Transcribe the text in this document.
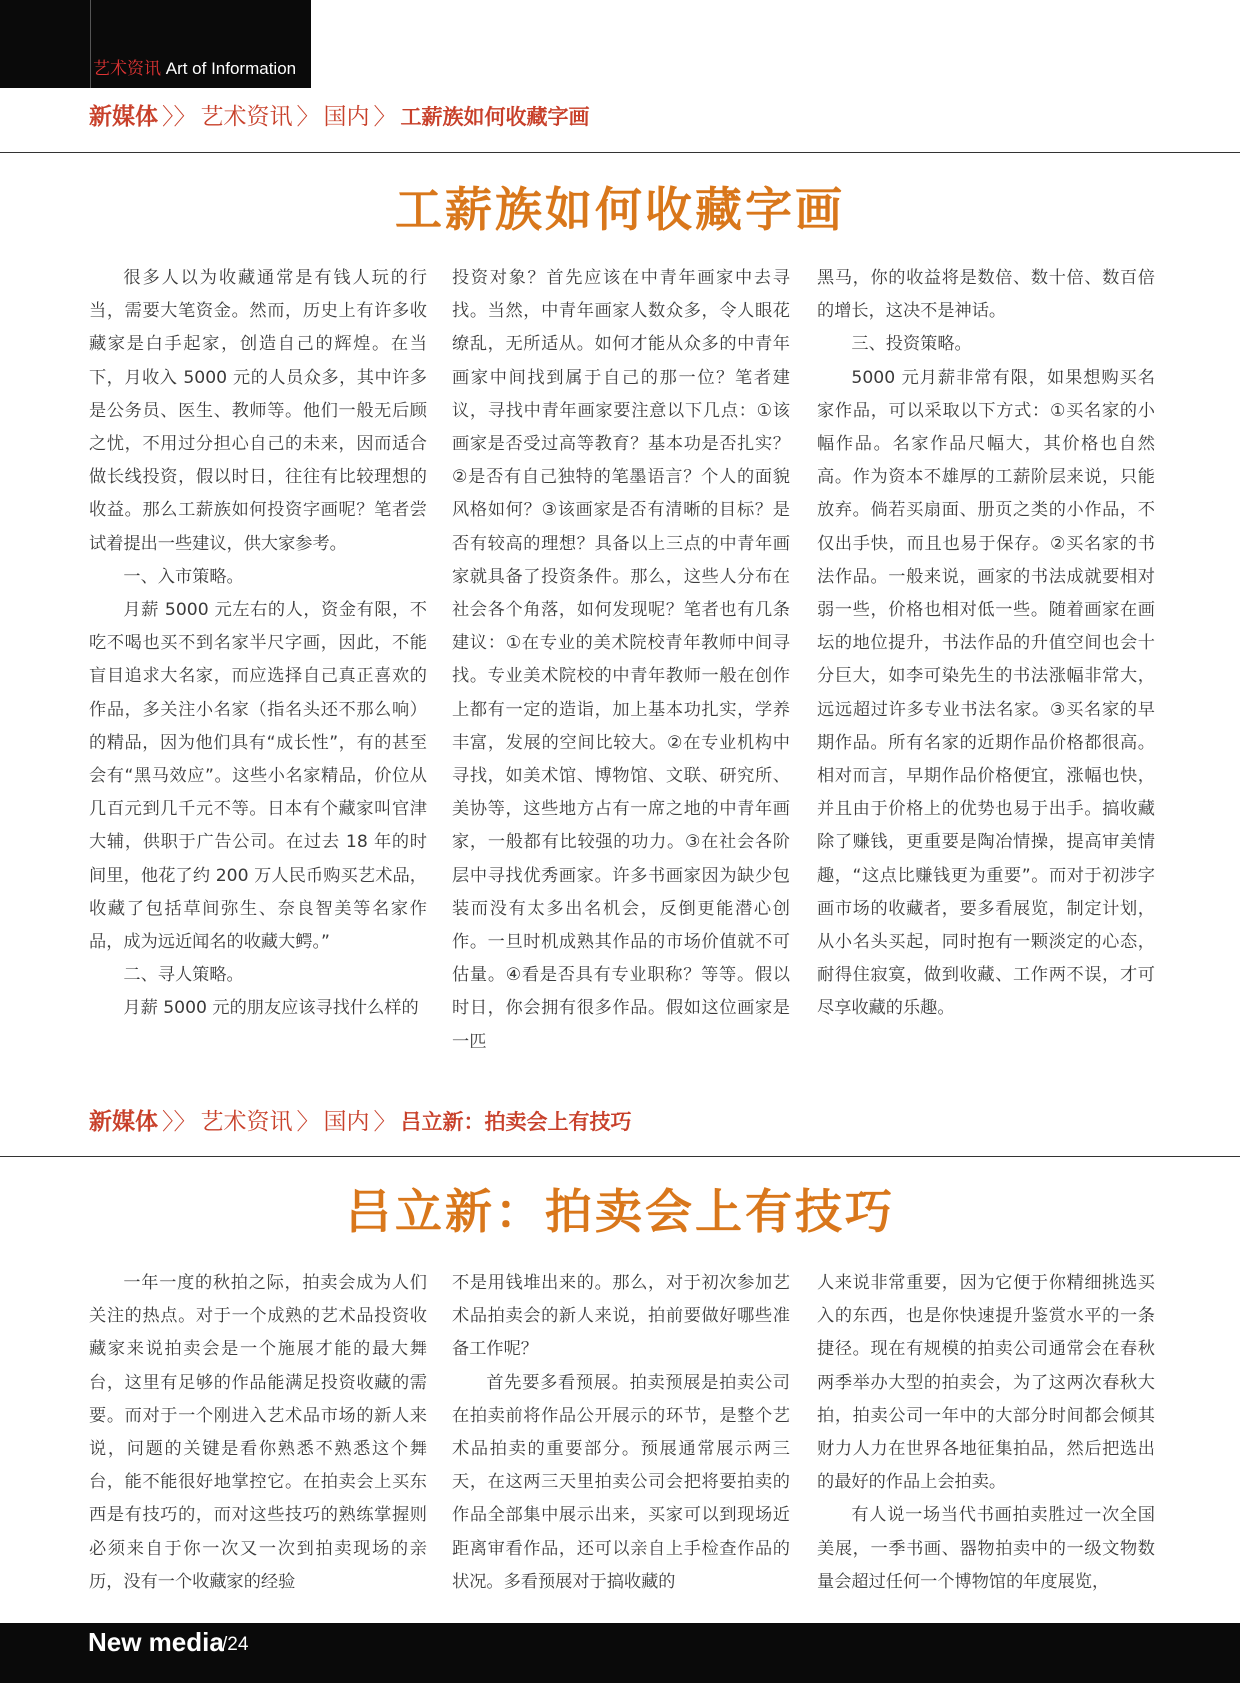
艺术资讯 Art of Information
新媒体 〉〉 艺术资讯 〉 国内 〉 工薪族如何收藏字画
工薪族如何收藏字画

很多人以为收藏通常是有钱人玩的行当，需要大笔资金。然而，历史上有许多收藏家是白手起家，创造自己的辉煌。在当下，月收入 5000 元的人员众多，其中许多是公务员、医生、教师等。他们一般无后顾之忧，不用过分担心自己的未来，因而适合做长线投资，假以时日，往往有比较理想的收益。那么工薪族如何投资字画呢？笔者尝试着提出一些建议，供大家参考。

一、入市策略。

月薪 5000 元左右的人，资金有限，不吃不喝也买不到名家半尺字画，因此，不能盲目追求大名家，而应选择自己真正喜欢的作品，多关注小名家（指名头还不那么响）的精品，因为他们具有“成长性”，有的甚至会有“黑马效应”。这些小名家精品，价位从几百元到几千元不等。日本有个藏家叫官津大辅，供职于广告公司。在过去 18 年的时间里，他花了约 200 万人民币购买艺术品，收藏了包括草间弥生、奈良智美等名家作品，成为远近闻名的收藏大鳄。”

二、寻人策略。

月薪 5000 元的朋友应该寻找什么样的

投资对象？首先应该在中青年画家中去寻找。当然，中青年画家人数众多，令人眼花缭乱，无所适从。如何才能从众多的中青年画家中间找到属于自己的那一位？笔者建议，寻找中青年画家要注意以下几点：①该画家是否受过高等教育？基本功是否扎实？②是否有自己独特的笔墨语言？个人的面貌风格如何？③该画家是否有清晰的目标？是否有较高的理想？具备以上三点的中青年画家就具备了投资条件。那么，这些人分布在社会各个角落，如何发现呢？笔者也有几条建议：①在专业的美术院校青年教师中间寻找。专业美术院校的中青年教师一般在创作上都有一定的造诣，加上基本功扎实，学养丰富，发展的空间比较大。②在专业机构中寻找，如美术馆、博物馆、文联、研究所、美协等，这些地方占有一席之地的中青年画家，一般都有比较强的功力。③在社会各阶层中寻找优秀画家。许多书画家因为缺少包装而没有太多出名机会，反倒更能潜心创作。一旦时机成熟其作品的市场价值就不可估量。④看是否具有专业职称？等等。假以时日，你会拥有很多作品。假如这位画家是一匹

黑马，你的收益将是数倍、数十倍、数百倍的增长，这决不是神话。

三、投资策略。

5000 元月薪非常有限，如果想购买名家作品，可以采取以下方式：①买名家的小幅作品。名家作品尺幅大，其价格也自然高。作为资本不雄厚的工薪阶层来说，只能放弃。倘若买扇面、册页之类的小作品，不仅出手快，而且也易于保存。②买名家的书法作品。一般来说，画家的书法成就要相对弱一些，价格也相对低一些。随着画家在画坛的地位提升，书法作品的升值空间也会十分巨大，如李可染先生的书法涨幅非常大，远远超过许多专业书法名家。③买名家的早期作品。所有名家的近期作品价格都很高。相对而言，早期作品价格便宜，涨幅也快，并且由于价格上的优势也易于出手。搞收藏除了赚钱，更重要是陶冶情操，提高审美情趣，“这点比赚钱更为重要”。而对于初涉字画市场的收藏者，要多看展览，制定计划，从小名头买起，同时抱有一颗淡定的心态，耐得住寂寞，做到收藏、工作两不误，才可尽享收藏的乐趣。

新媒体 〉〉 艺术资讯 〉 国内 〉 吕立新：拍卖会上有技巧
吕立新：拍卖会上有技巧

一年一度的秋拍之际，拍卖会成为人们关注的热点。对于一个成熟的艺术品投资收藏家来说拍卖会是一个施展才能的最大舞台，这里有足够的作品能满足投资收藏的需要。而对于一个刚进入艺术品市场的新人来说，问题的关键是看你熟悉不熟悉这个舞台，能不能很好地掌控它。在拍卖会上买东西是有技巧的，而对这些技巧的熟练掌握则必须来自于你一次又一次到拍卖现场的亲历，没有一个收藏家的经验

不是用钱堆出来的。那么，对于初次参加艺术品拍卖会的新人来说，拍前要做好哪些准备工作呢？

首先要多看预展。拍卖预展是拍卖公司在拍卖前将作品公开展示的环节，是整个艺术品拍卖的重要部分。预展通常展示两三天，在这两三天里拍卖公司会把将要拍卖的作品全部集中展示出来，买家可以到现场近距离审看作品，还可以亲自上手检查作品的状况。多看预展对于搞收藏的

人来说非常重要，因为它便于你精细挑选买入的东西，也是你快速提升鉴赏水平的一条捷径。现在有规模的拍卖公司通常会在春秋两季举办大型的拍卖会，为了这两次春秋大拍，拍卖公司一年中的大部分时间都会倾其财力人力在世界各地征集拍品，然后把选出的最好的作品上会拍卖。

有人说一场当代书画拍卖胜过一次全国美展，一季书画、器物拍卖中的一级文物数量会超过任何一个博物馆的年度展览，

New media
/24
